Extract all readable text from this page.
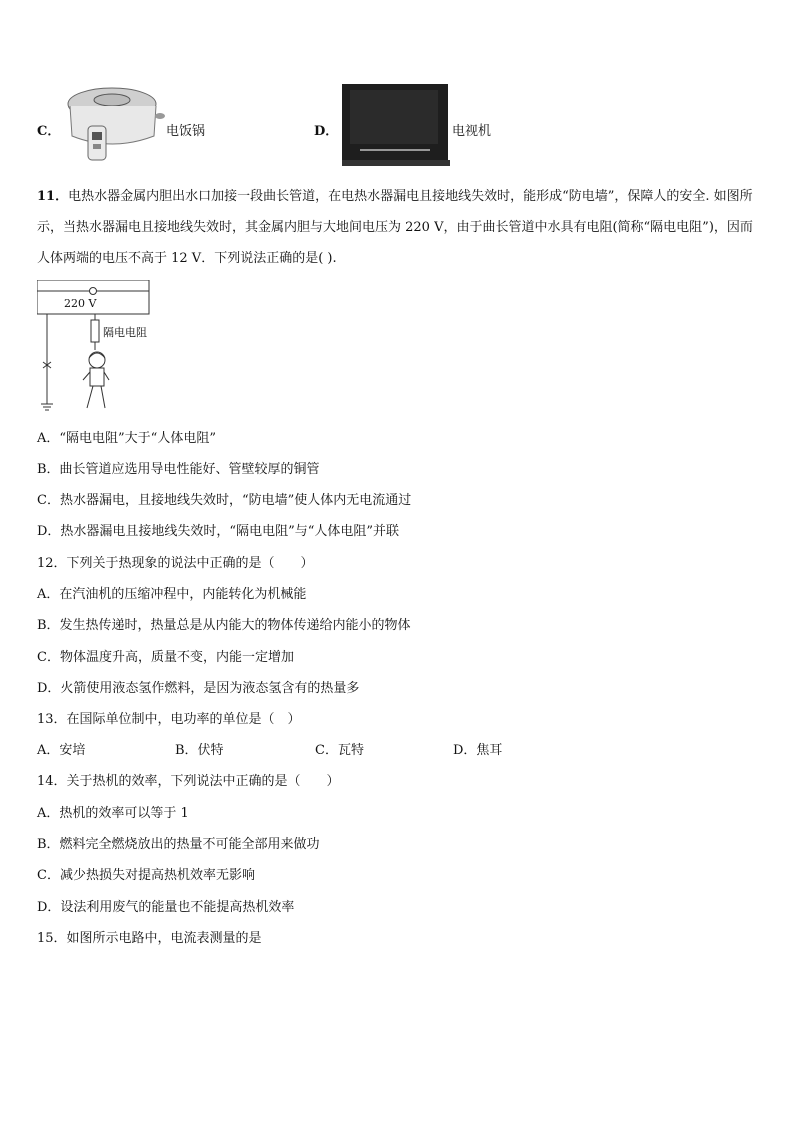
C．	电饭锅	D．	电视机
11．电热水器金属内胆出水口加接一段曲长管道，在电热水器漏电且接地线失效时，能形成“防电墙”，保障人的安全. 如图所示，当热水器漏电且接地线失效时，其金属内胆与大地间电压为 220 V，由于曲长管道中水具有电阻(简称“隔电电阻”)，因而人体两端的电压不高于 12 V．下列说法正确的是( ).
220 V
隔电电阻
A．“隔电电阻”大于“人体电阻”
B．曲长管道应选用导电性能好、管壁较厚的铜管
C．热水器漏电，且接地线失效时，“防电墙”使人体内无电流通过
D．热水器漏电且接地线失效时，“隔电电阻”与“人体电阻”并联
12．下列关于热现象的说法中正确的是（　　）
A．在汽油机的压缩冲程中，内能转化为机械能
B．发生热传递时，热量总是从内能大的物体传递给内能小的物体
C．物体温度升高，质量不变，内能一定增加
D．火箭使用液态氢作燃料，是因为液态氢含有的热量多
13．在国际单位制中，电功率的单位是（　）
A．安培	B．伏特	C．瓦特	D．焦耳
14．关于热机的效率，下列说法中正确的是（　　）
A．热机的效率可以等于 1
B．燃料完全燃烧放出的热量不可能全部用来做功
C．减少热损失对提高热机效率无影响
D．设法利用废气的能量也不能提高热机效率
15．如图所示电路中，电流表测量的是
